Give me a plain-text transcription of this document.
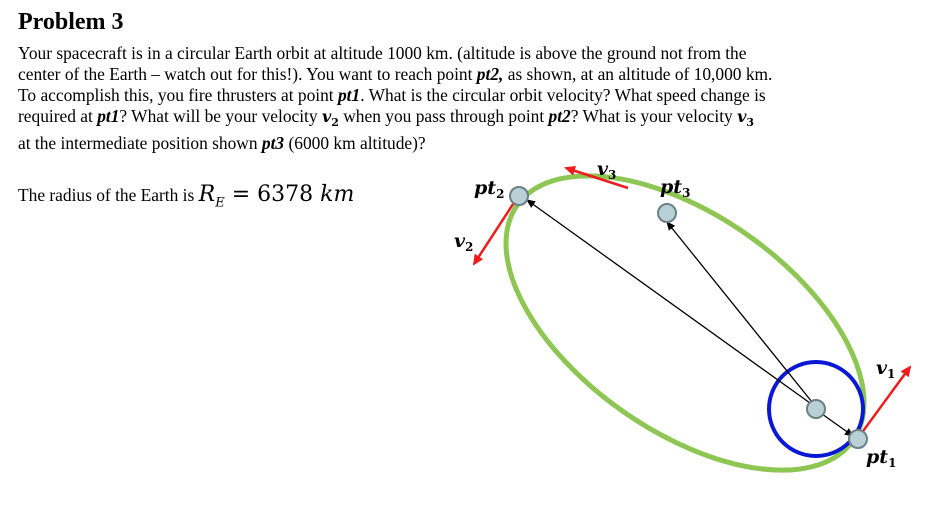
Problem 3
Your spacecraft is in a circular Earth orbit at altitude 1000 km. (altitude is above the ground not from the
center of the Earth – watch out for this!). You want to reach point pt2, as shown, at an altitude of 10,000 km.
To accomplish this, you fire thrusters at point pt1. What is the circular orbit velocity? What speed change is
required at pt1? What will be your velocity $v_2$ when you pass through point pt2? What is your velocity $v_3$
at the intermediate position shown pt3 (6000 km altitude)?
The radius of the Earth is $R_E = 6378$ km	$pt_2$	$pt_3$
$pt_1$
$v_3$
$v_2$
$v_1$
